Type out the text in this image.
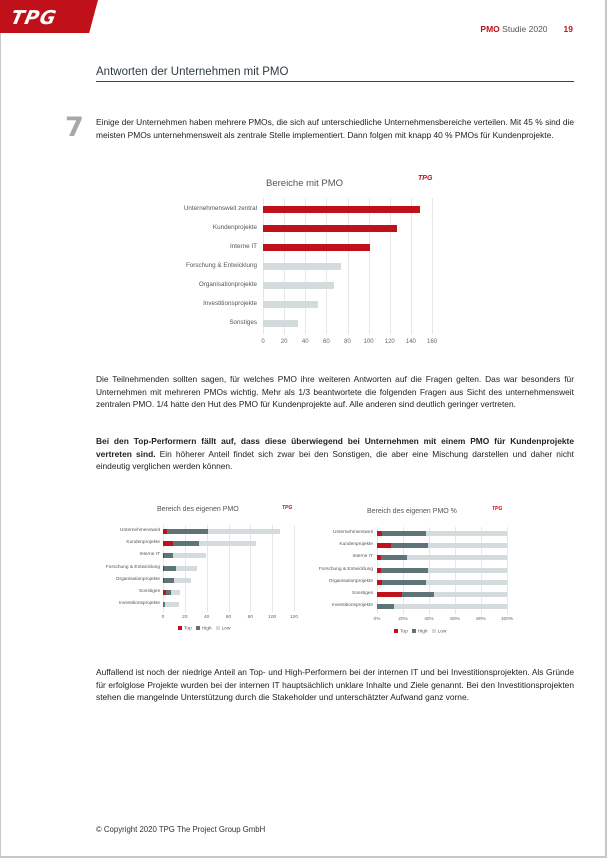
TPG	PMO Studie 2020 19
Antworten der Unternehmen mit PMO
7 Einige der Unternehmen haben mehrere PMOs, die sich auf unterschiedliche Unternehmensbereiche verteilen. Mit 45 % sind die meisten PMOs unternehmensweit als zentrale Stelle implementiert. Dann folgen mit knapp 40 % PMOs für Kundenprojekte.
Bereiche mit PMO	TPG
0	20 40 60 80 100 120 140 160
Unternehmensweit zentral
Kundenprojekte
Interne IT
Forschung & Entwicklung
Organisationprojekte
Investitionsprojekte
Sonstiges
Die Teilnehmenden sollten sagen, für welches PMO ihre weiteren Antworten auf die Fragen gelten. Das war besonders für Unternehmen mit mehreren PMOs wichtig. Mehr als 1/3 beantwortete die folgenden Fragen aus Sicht des unternehmensweit zentralen PMO. 1/4 hatte den Hut des PMO für Kundenprojekte auf. Alle anderen sind deutlich geringer vertreten.
Bei den Top-Performern fällt auf, dass diese überwiegend bei Unternehmen mit einem PMO für Kundenprojekte vertreten sind. Ein höherer Anteil findet sich zwar bei den Sonstigen, die aber eine Mischung darstellen und daher nicht eindeutig verglichen werden können.
Bereich des eigenen PMO	TPG
0	20	40	60	80	100	120
Unternehmensweit
Kundenprojekte
Interne IT
Forschung & Entwicklung
Organisationprojekte
Sonstiges
Investitionsprojekte
Top High Low
Bereich des eigenen PMO %	TPG
0%	20%	40%	60%	80%	100%
Unternehmensweit
Kundenprojekte
Interne IT
Forschung & Entwicklung
Organisationprojekte
Sonstiges
Investitionsprojekte
Top High Low
Auffallend ist noch der niedrige Anteil an Top- und High-Performern bei der internen IT und bei Investitionsprojekten. Als Gründe für erfolglose Projekte wurden bei der internen IT hauptsächlich unklare Inhalte und Ziele genannt. Bei den Investitionsprojekten stehen die mangelnde Unterstützung durch die Stakeholder und unterschätzter Aufwand ganz vorne.
© Copyright 2020 TPG The Project Group GmbH
